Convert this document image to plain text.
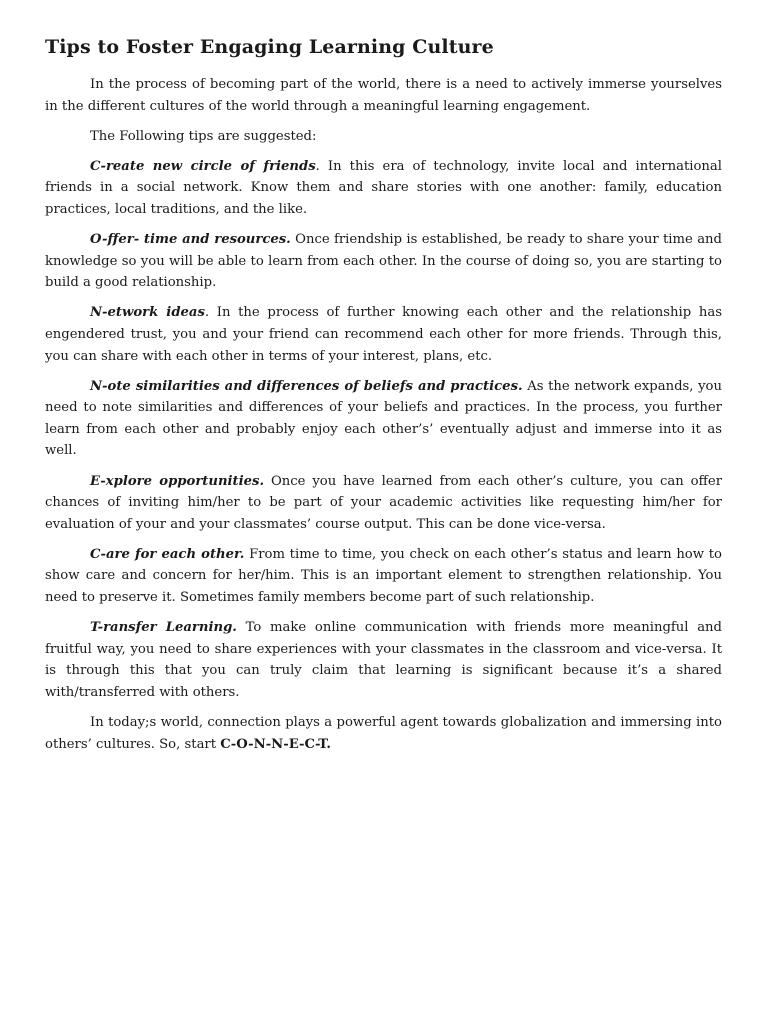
Tips to Foster Engaging Learning Culture

In the process of becoming part of the world, there is a need to actively immerse yourselves in the different cultures of the world through a meaningful learning engagement.

The Following tips are suggested:

C-reate new circle of friends. In this era of technology, invite local and international friends in a social network. Know them and share stories with one another: family, education practices, local traditions, and the like.

O-ffer- time and resources. Once friendship is established, be ready to share your time and knowledge so you will be able to learn from each other. In the course of doing so, you are starting to build a good relationship.

N-etwork ideas. In the process of further knowing each other and the relationship has engendered trust, you and your friend can recommend each other for more friends. Through this, you can share with each other in terms of your interest, plans, etc.

N-ote similarities and differences of beliefs and practices. As the network expands, you need to note similarities and differences of your beliefs and practices. In the process, you further learn from each other and probably enjoy each other’s’ eventually adjust and immerse into it as well.

E-xplore opportunities. Once you have learned from each other’s culture, you can offer chances of inviting him/her to be part of your academic activities like requesting him/her for evaluation of your and your classmates’ course output. This can be done vice-versa.

C-are for each other. From time to time, you check on each other’s status and learn how to show care and concern for her/him. This is an important element to strengthen relationship. You need to preserve it. Sometimes family members become part of such relationship.

T-ransfer Learning. To make online communication with friends more meaningful and fruitful way, you need to share experiences with your classmates in the classroom and vice-versa. It is through this that you can truly claim that learning is significant because it’s a shared with/transferred with others.

In today;s world, connection plays a powerful agent towards globalization and immersing into others’ cultures. So, start C-O-N-N-E-C-T.
